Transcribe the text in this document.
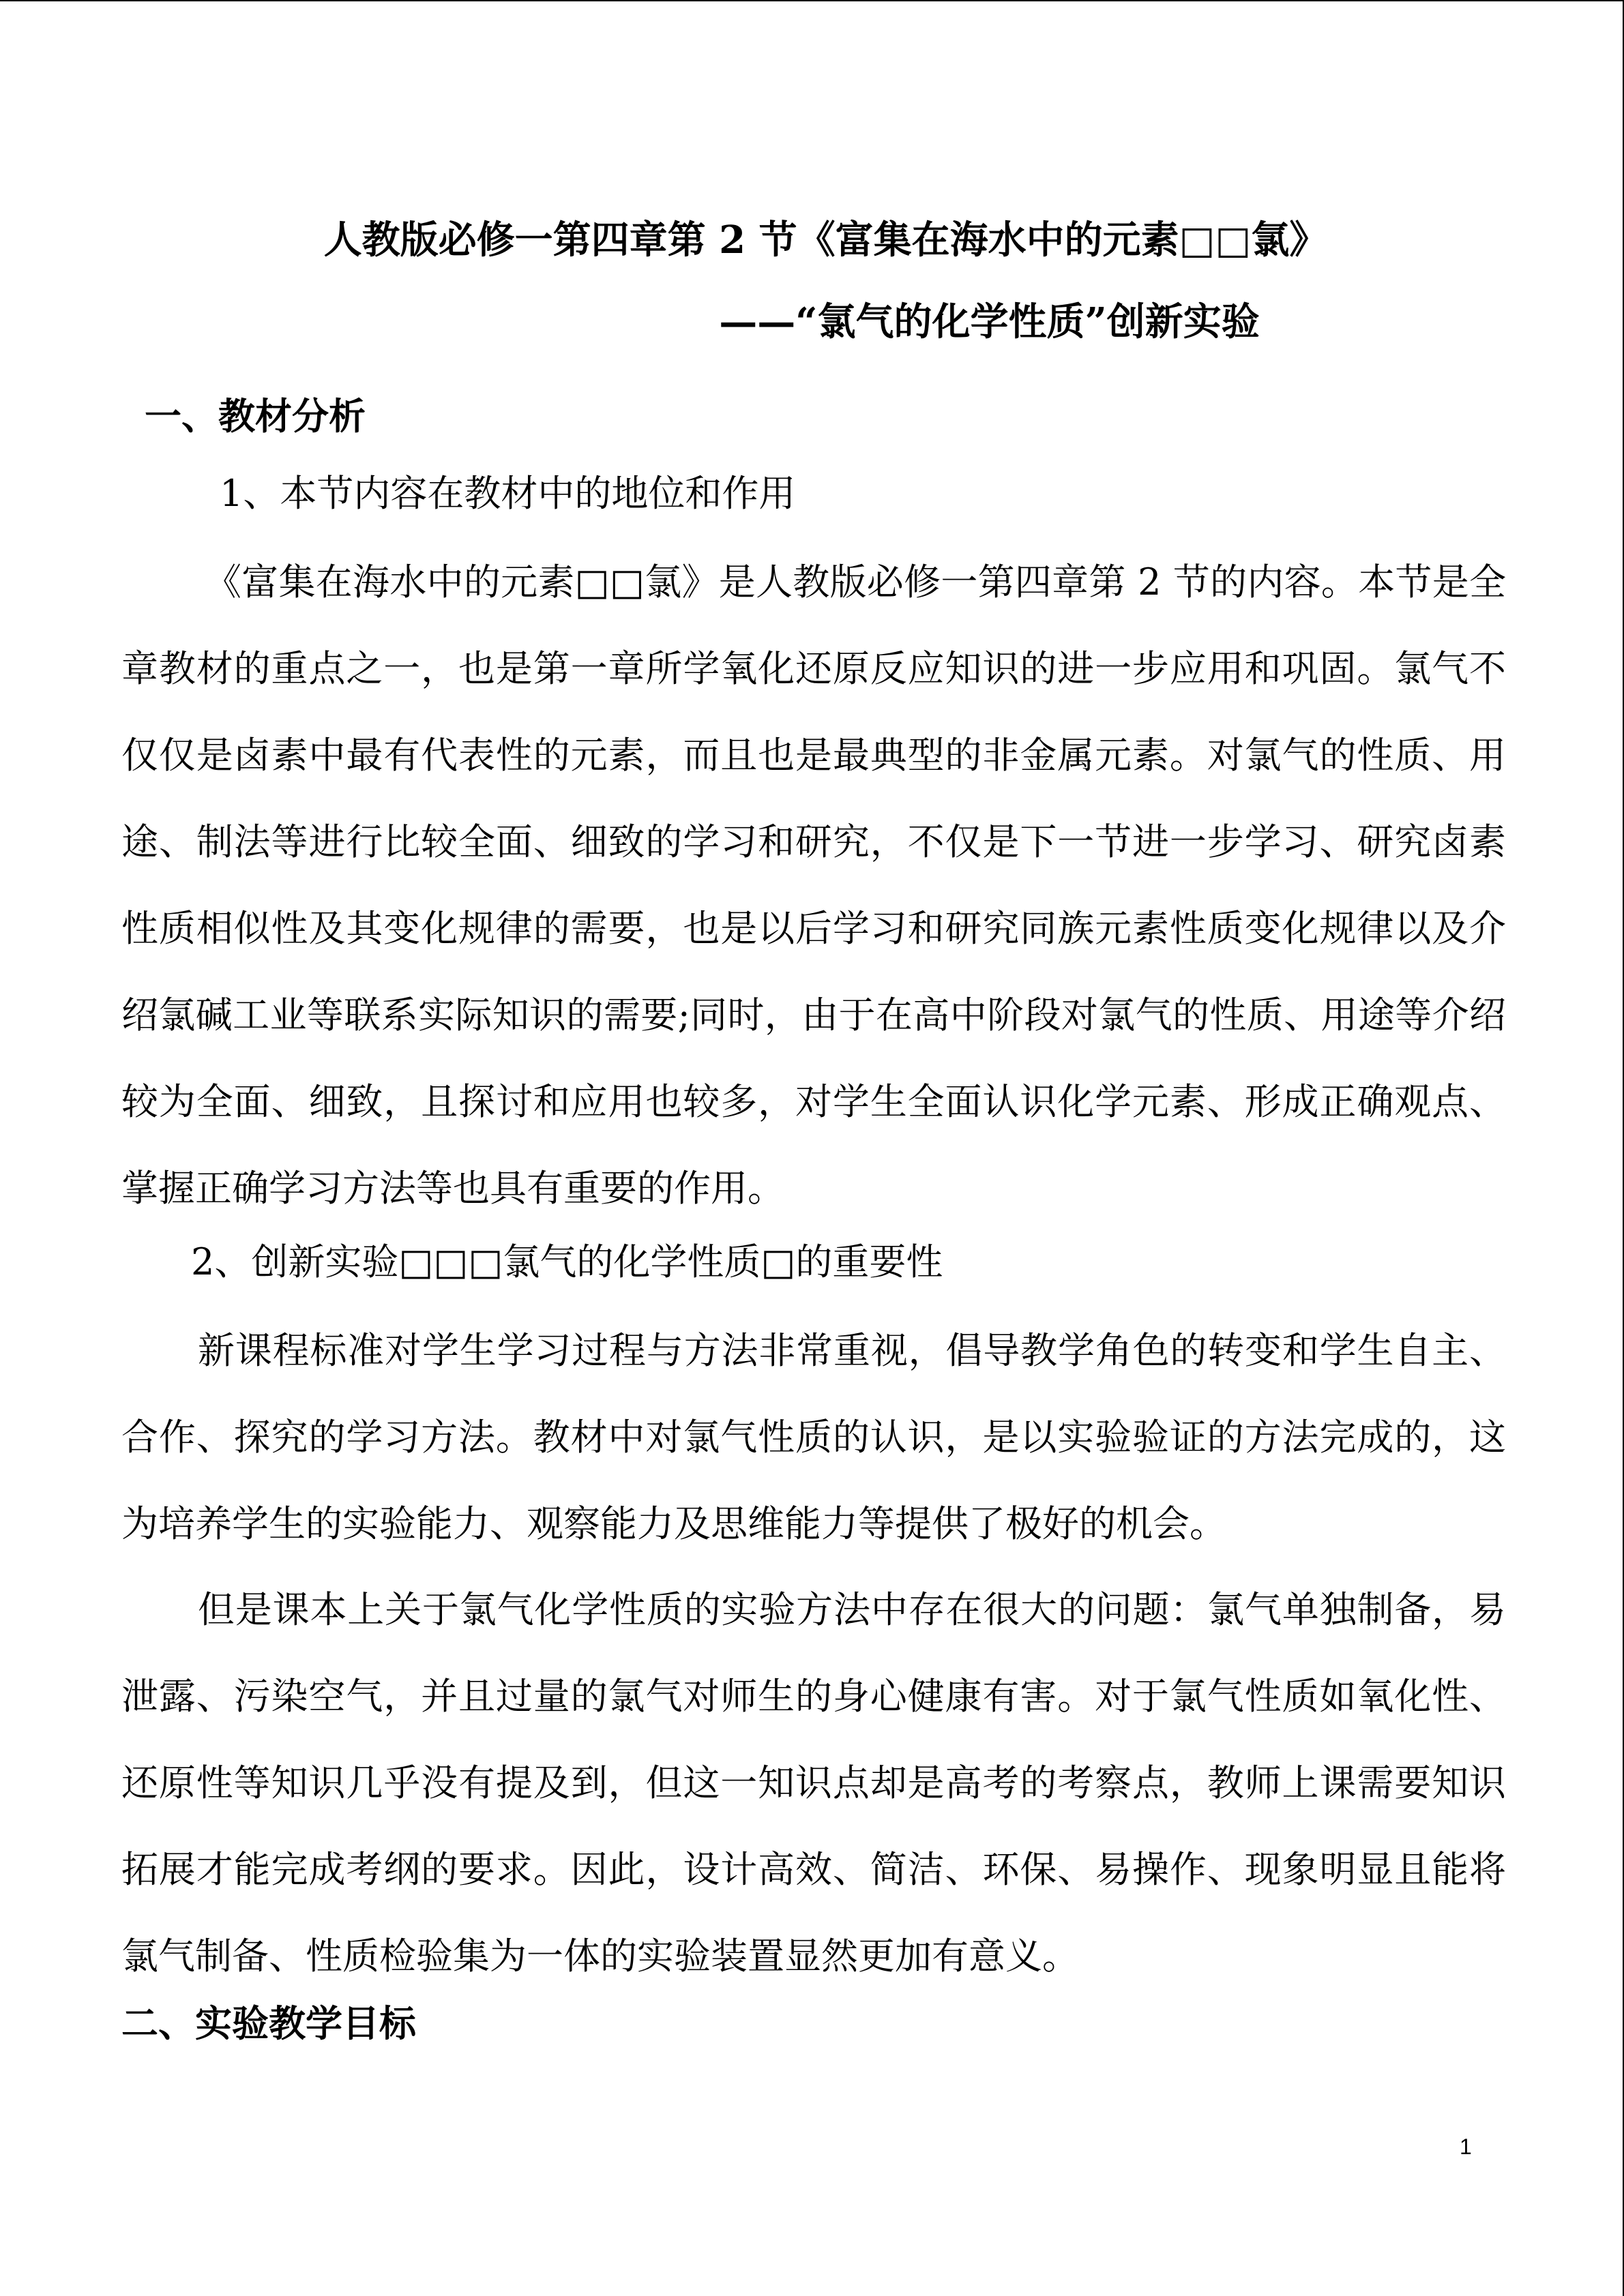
人教版必修一第四章第 2 节《富集在海水中的元素□□氯》
——“氯气的化学性质”创新实验
一、教材分析
1、本节内容在教材中的地位和作用
《富集在海水中的元素□□氯》是人教版必修一第四章第 2 节的内容。本节是全章教材的重点之一，也是第一章所学氧化还原反应知识的进一步应用和巩固。氯气不仅仅是卤素中最有代表性的元素，而且也是最典型的非金属元素。对氯气的性质、用途、制法等进行比较全面、细致的学习和研究，不仅是下一节进一步学习、研究卤素性质相似性及其变化规律的需要，也是以后学习和研究同族元素性质变化规律以及介绍氯碱工业等联系实际知识的需要;同时，由于在高中阶段对氯气的性质、用途等介绍较为全面、细致，且探讨和应用也较多，对学生全面认识化学元素、形成正确观点、掌握正确学习方法等也具有重要的作用。
2、创新实验□□□氯气的化学性质□的重要性
新课程标准对学生学习过程与方法非常重视，倡导教学角色的转变和学生自主、合作、探究的学习方法。教材中对氯气性质的认识，是以实验验证的方法完成的，这为培养学生的实验能力、观察能力及思维能力等提供了极好的机会。
但是课本上关于氯气化学性质的实验方法中存在很大的问题：氯气单独制备，易泄露、污染空气，并且过量的氯气对师生的身心健康有害。对于氯气性质如氧化性、还原性等知识几乎没有提及到，但这一知识点却是高考的考察点，教师上课需要知识拓展才能完成考纲的要求。因此，设计高效、简洁、环保、易操作、现象明显且能将氯气制备、性质检验集为一体的实验装置显然更加有意义。
二、实验教学目标
1
